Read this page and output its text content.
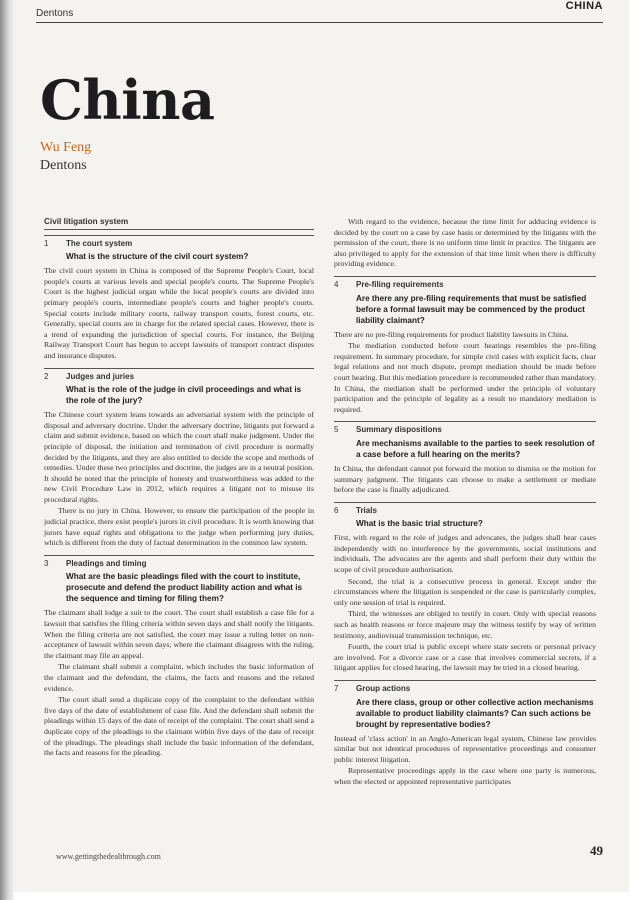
Dentons
CHINA
China
Wu Feng
Dentons
Civil litigation system
1	The court system
What is the structure of the civil court system?

The civil court system in China is composed of the Supreme People's Court, local people's courts at various levels and special people's courts. The Supreme People's Court is the highest judicial organ while the local people's courts are divided into primary people's courts, intermediate people's courts and higher people's courts. Special courts include military courts, railway transport courts, forest courts, etc. Generally, special courts are in charge for the related special cases. However, there is a trend of expanding the jurisdiction of special courts. For instance, the Beijing Railway Transport Court has begun to accept lawsuits of transport contract disputes and insurance disputes.

2	Judges and juries
What is the role of the judge in civil proceedings and what is the role of the jury?

The Chinese court system leans towards an adversarial system with the principle of disposal and adversary doctrine. Under the adversary doctrine, litigants put forward a claim and submit evidence, based on which the court shall make judgment. Under the principle of disposal, the initiation and termination of civil procedure is normally decided by the litigants, and they are also entitled to decide the scope and methods of remedies. Under these two principles and doctrine, the judges are in a neutral position. It should be noted that the principle of honesty and trustworthiness was added to the new Civil Procedure Law in 2012, which requires a litigant not to misuse its procedural rights.

There is no jury in China. However, to ensure the participation of the people in judicial practice, there exist people's jurors in civil procedure. It is worth knowing that jurors have equal rights and obligations to the judge when performing jury duties, which is different from the duty of factual determination in the common law system.

3	Pleadings and timing
What are the basic pleadings filed with the court to institute, prosecute and defend the product liability action and what is the sequence and timing for filing them?

The claimant shall lodge a suit to the court. The court shall establish a case file for a lawsuit that satisfies the filing criteria within seven days and shall notify the litigants. When the filing criteria are not satisfied, the court may issue a ruling letter on non-acceptance of lawsuit within seven days; where the claimant disagrees with the ruling, the claimant may file an appeal.

The claimant shall submit a complaint, which includes the basic information of the claimant and the defendant, the claims, the facts and reasons and the related evidence.

The court shall send a duplicate copy of the complaint to the defendant within five days of the date of establishment of case file. And the defendant shall submit the pleadings within 15 days of the date of receipt of the complaint. The court shall send a duplicate copy of the pleadings to the claimant within five days of the date of receipt of the pleadings. The pleadings shall include the basic information of the defendant, the facts and reasons for the pleading.

With regard to the evidence, because the time limit for adducing evidence is decided by the court on a case by case basis or determined by the litigants with the permission of the court, there is no uniform time limit in practice. The litigants are also privileged to apply for the extension of that time limit when there is difficulty providing evidence.

4	Pre-filing requirements
Are there any pre-filing requirements that must be satisfied before a formal lawsuit may be commenced by the product liability claimant?

There are no pre-filing requirements for product liability lawsuits in China.

The mediation conducted before court hearings resembles the pre-filing requirement. In summary procedure, for simple civil cases with explicit facts, clear legal relations and not much dispute, prompt mediation should be made before court hearing. But this mediation procedure is recommended rather than mandatory. In China, the mediation shall be performed under the principle of voluntary participation and the principle of legality as a result no mandatory mediation is required.

5	Summary dispositions
Are mechanisms available to the parties to seek resolution of a case before a full hearing on the merits?

In China, the defendant cannot put forward the motion to dismiss or the motion for summary judgment. The litigants can choose to make a settlement or mediate before the case is finally adjudicated.

6	Trials
What is the basic trial structure?

First, with regard to the role of judges and advocates, the judges shall hear cases independently with no interference by the governments, social institutions and individuals. The advocates are the agents and shall perform their duty within the scope of civil procedure authorisation.

Second, the trial is a consecutive process in general. Except under the circumstances where the litigation is suspended or the case is particularly complex, only one session of trial is required.

Third, the witnesses are obliged to testify in court. Only with special reasons such as health reasons or force majeure may the witness testify by way of written testimony, audiovisual transmission technique, etc.

Fourth, the court trial is public except where state secrets or personal privacy are involved. For a divorce case or a case that involves commercial secrets, if a litigant applies for closed hearing, the lawsuit may be tried in a closed hearing.

7	Group actions
Are there class, group or other collective action mechanisms available to product liability claimants? Can such actions be brought by representative bodies?

Instead of 'class action' in an Anglo-American legal system, Chinese law provides similar but not identical procedures of representative proceedings and consumer public interest litigation.

Representative proceedings apply in the case where one party is numerous, when the elected or appointed representative participates

www.gettingthedealthrough.com	49
